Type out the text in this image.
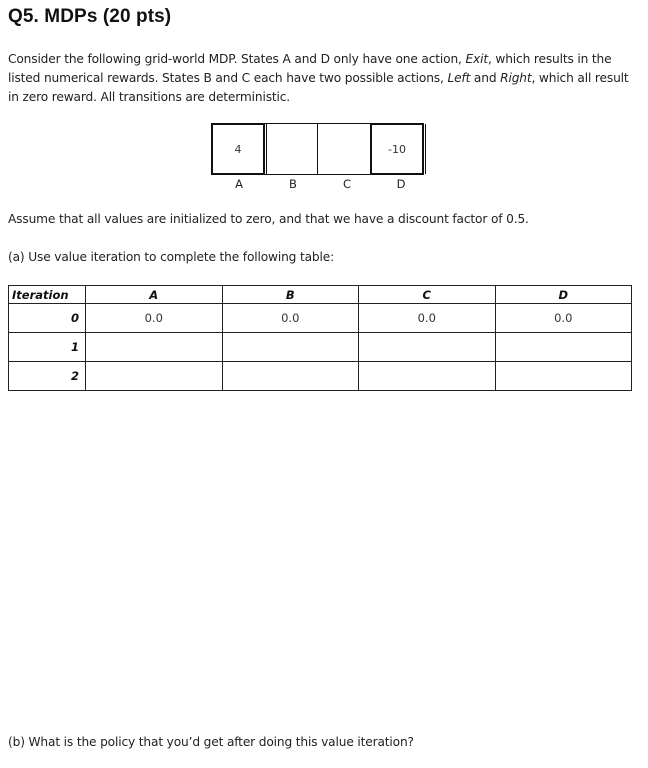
Q5. MDPs (20 pts)
Consider the following grid-world MDP. States A and D only have one action, Exit, which results in the listed numerical rewards. States B and C each have two possible actions, Left and Right, which all result in zero reward. All transitions are deterministic.
4	-10
A	B	C	D
Assume that all values are initialized to zero, and that we have a discount factor of 0.5.
(a) Use value iteration to complete the following table:
Iteration	A	B	C	D
0	0.0	0.0	0.0	0.0
1				
2				
(b) What is the policy that you’d get after doing this value iteration?
